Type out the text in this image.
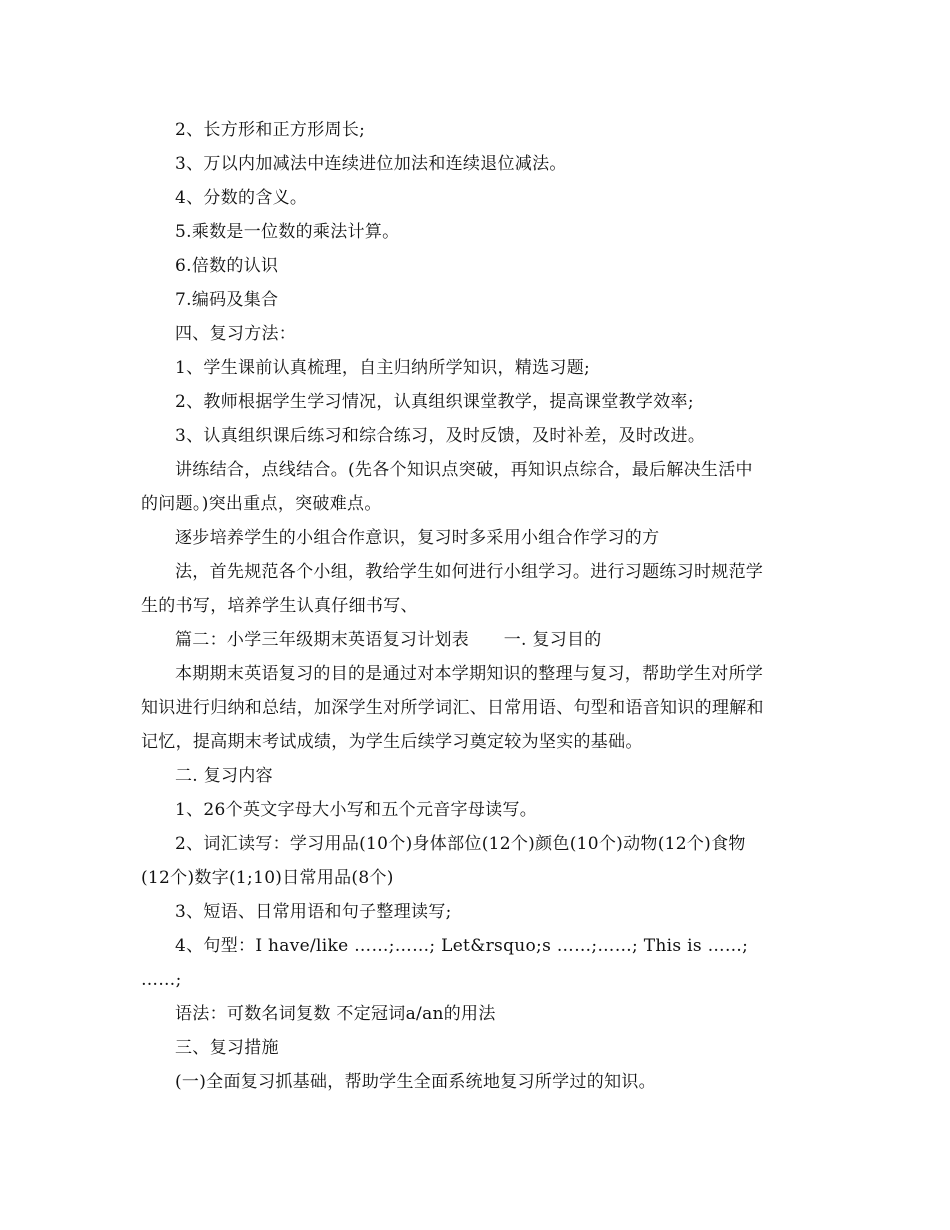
2、长方形和正方形周长;
3、万以内加减法中连续进位加法和连续退位减法。
4、分数的含义。
5.乘数是一位数的乘法计算。
6.倍数的认识
7.编码及集合
四、复习方法：
1、学生课前认真梳理，自主归纳所学知识，精选习题;
2、教师根据学生学习情况，认真组织课堂教学，提高课堂教学效率;
3、认真组织课后练习和综合练习，及时反馈，及时补差，及时改进。
讲练结合，点线结合。(先各个知识点突破，再知识点综合，最后解决生活中
的问题。)突出重点，突破难点。
逐步培养学生的小组合作意识，复习时多采用小组合作学习的方
法，首先规范各个小组，教给学生如何进行小组学习。进行习题练习时规范学
生的书写，培养学生认真仔细书写、
篇二：小学三年级期末英语复习计划表　　一. 复习目的
本期期末英语复习的目的是通过对本学期知识的整理与复习，帮助学生对所学
知识进行归纳和总结，加深学生对所学词汇、日常用语、句型和语音知识的理解和
记忆，提高期末考试成绩，为学生后续学习奠定较为坚实的基础。
二. 复习内容
1、26个英文字母大小写和五个元音字母读写。
2、词汇读写：学习用品(10个)身体部位(12个)颜色(10个)动物(12个)食物
(12个)数字(1;10)日常用品(8个)
3、短语、日常用语和句子整理读写;
4、句型：I have/like ……;……; Let&rsquo;s ……;……; This is ……;
……;
语法：可数名词复数 不定冠词a/an的用法
三、复习措施
(一)全面复习抓基础，帮助学生全面系统地复习所学过的知识。
